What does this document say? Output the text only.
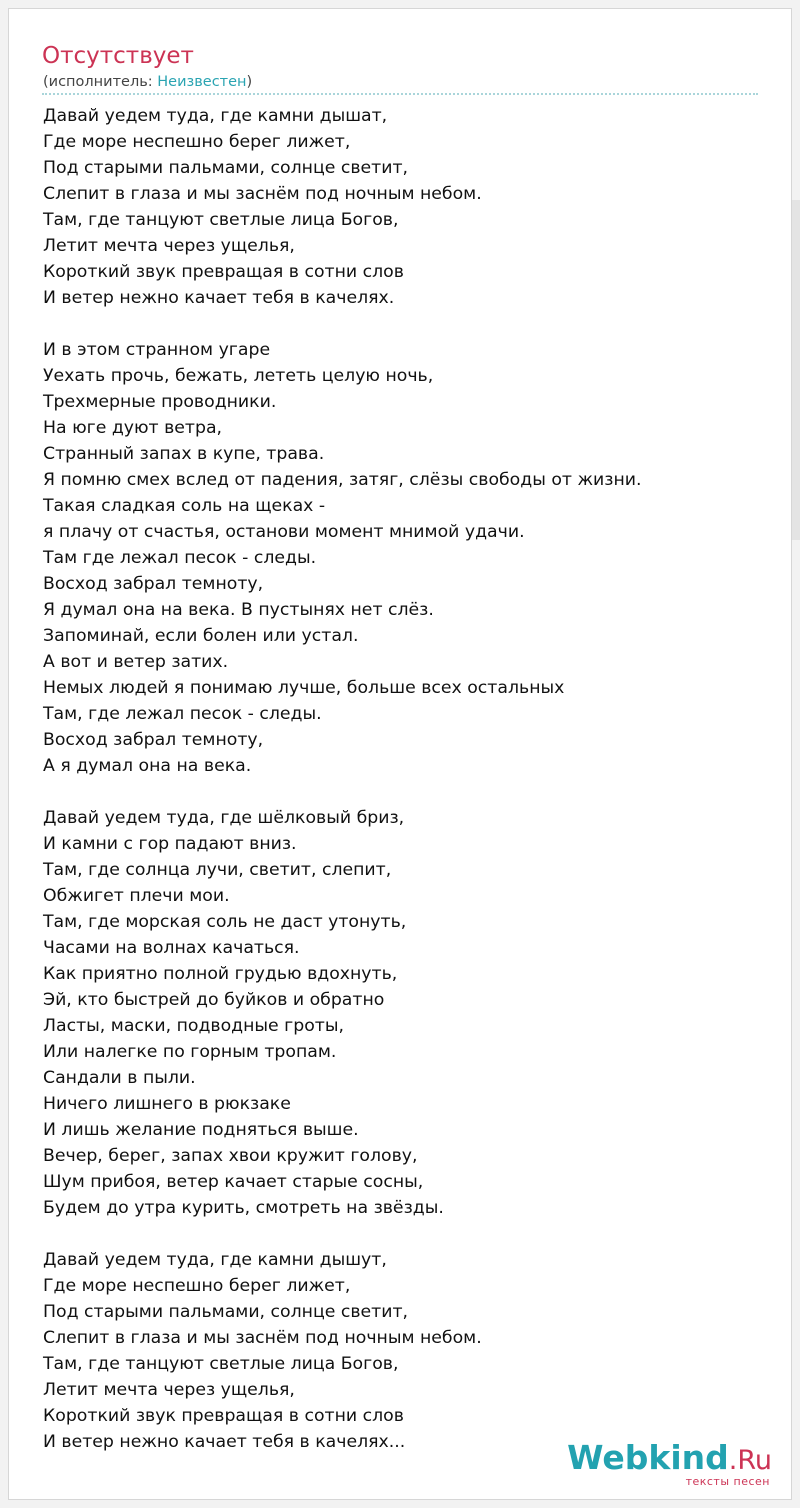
Отсутствует
(исполнитель: Неизвестен)
Давай уедем туда, где камни дышат,
Где море неспешно берег лижет,
Под старыми пальмами, солнце светит,
Слепит в глаза и мы заснём под ночным небом.
Там, где танцуют светлые лица Богов,
Летит мечта через ущелья,
Короткий звук превращая в сотни слов
И ветер нежно качает тебя в качелях.
И в этом странном угаре
Уехать прочь, бежать, лететь целую ночь,
Трехмерные проводники.
На юге дуют ветра,
Странный запах в купе, трава.
Я помню смех вслед от падения, затяг, слёзы свободы от жизни.
Такая сладкая соль на щеках -
я плачу от счастья, останови момент мнимой удачи.
Там где лежал песок - следы.
Восход забрал темноту,
Я думал она на века. В пустынях нет слёз.
Запоминай, если болен или устал.
А вот и ветер затих.
Немых людей я понимаю лучше, больше всех остальных
Там, где лежал песок - следы.
Восход забрал темноту,
А я думал она на века.
Давай уедем туда, где шёлковый бриз,
И камни с гор падают вниз.
Там, где солнца лучи, светит, слепит,
Обжигет плечи мои.
Там, где морская соль не даст утонуть,
Часами на волнах качаться.
Как приятно полной грудью вдохнуть,
Эй, кто быстрей до буйков и обратно
Ласты, маски, подводные гроты,
Или налегке по горным тропам.
Сандали в пыли.
Ничего лишнего в рюкзаке
И лишь желание подняться выше.
Вечер, берег, запах хвои кружит голову,
Шум прибоя, ветер качает старые сосны,
Будем до утра курить, смотреть на звёзды.
Давай уедем туда, где камни дышут,
Где море неспешно берег лижет,
Под старыми пальмами, солнце светит,
Слепит в глаза и мы заснём под ночным небом.
Там, где танцуют светлые лица Богов,
Летит мечта через ущелья,
Короткий звук превращая в сотни слов
И ветер нежно качает тебя в качелях...	Webkind.Ru
тексты песен
